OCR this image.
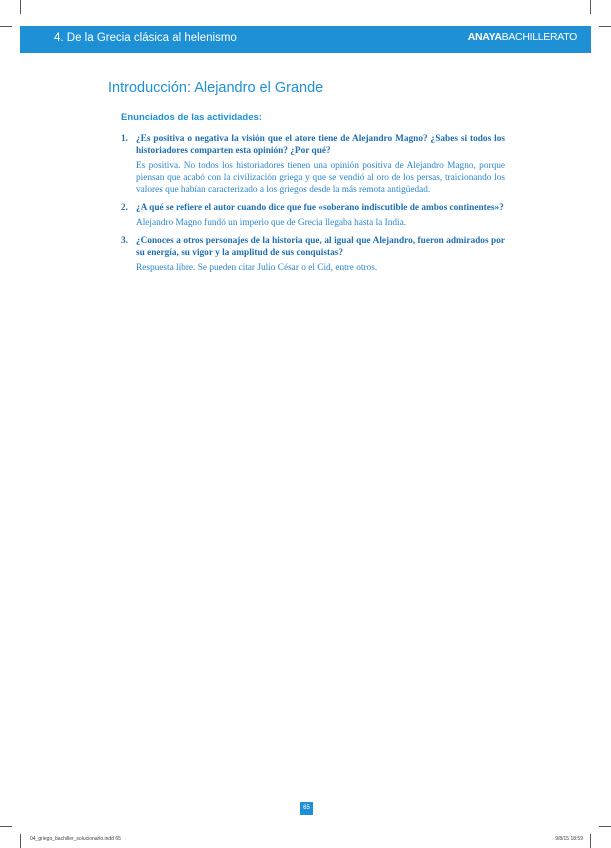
4. De la Grecia clásica al helenismo	ANAYABACHILLERATO
Introducción: Alejandro el Grande
Enunciados de las actividades:
1. ¿Es positiva o negativa la visión que el atore tiene de Alejandro Magno? ¿Sabes si todos los historiadores comparten esta opinión? ¿Por qué?
Es positiva. No todos los historiadores tienen una opinión positiva de Alejandro Magno, porque piensan que acabó con la civilización griega y que se vendió al oro de los persas, traicionando los valores que habían caracterizado a los griegos desde la más remota antigüedad.
2. ¿A qué se refiere el autor cuando dice que fue «soberano indiscutible de ambos continentes»?
Alejandro Magno fundó un imperio que de Grecia llegaba hasta la India.
3. ¿Conoces a otros personajes de la historia que, al igual que Alejandro, fueron admirados por su energía, su vigor y la amplitud de sus conquistas?
Respuesta libre. Se pueden citar Julio César o el Cid, entre otros.
65
04_griego_bachiller_solucionario.indd 65	9/8/15 18:59
